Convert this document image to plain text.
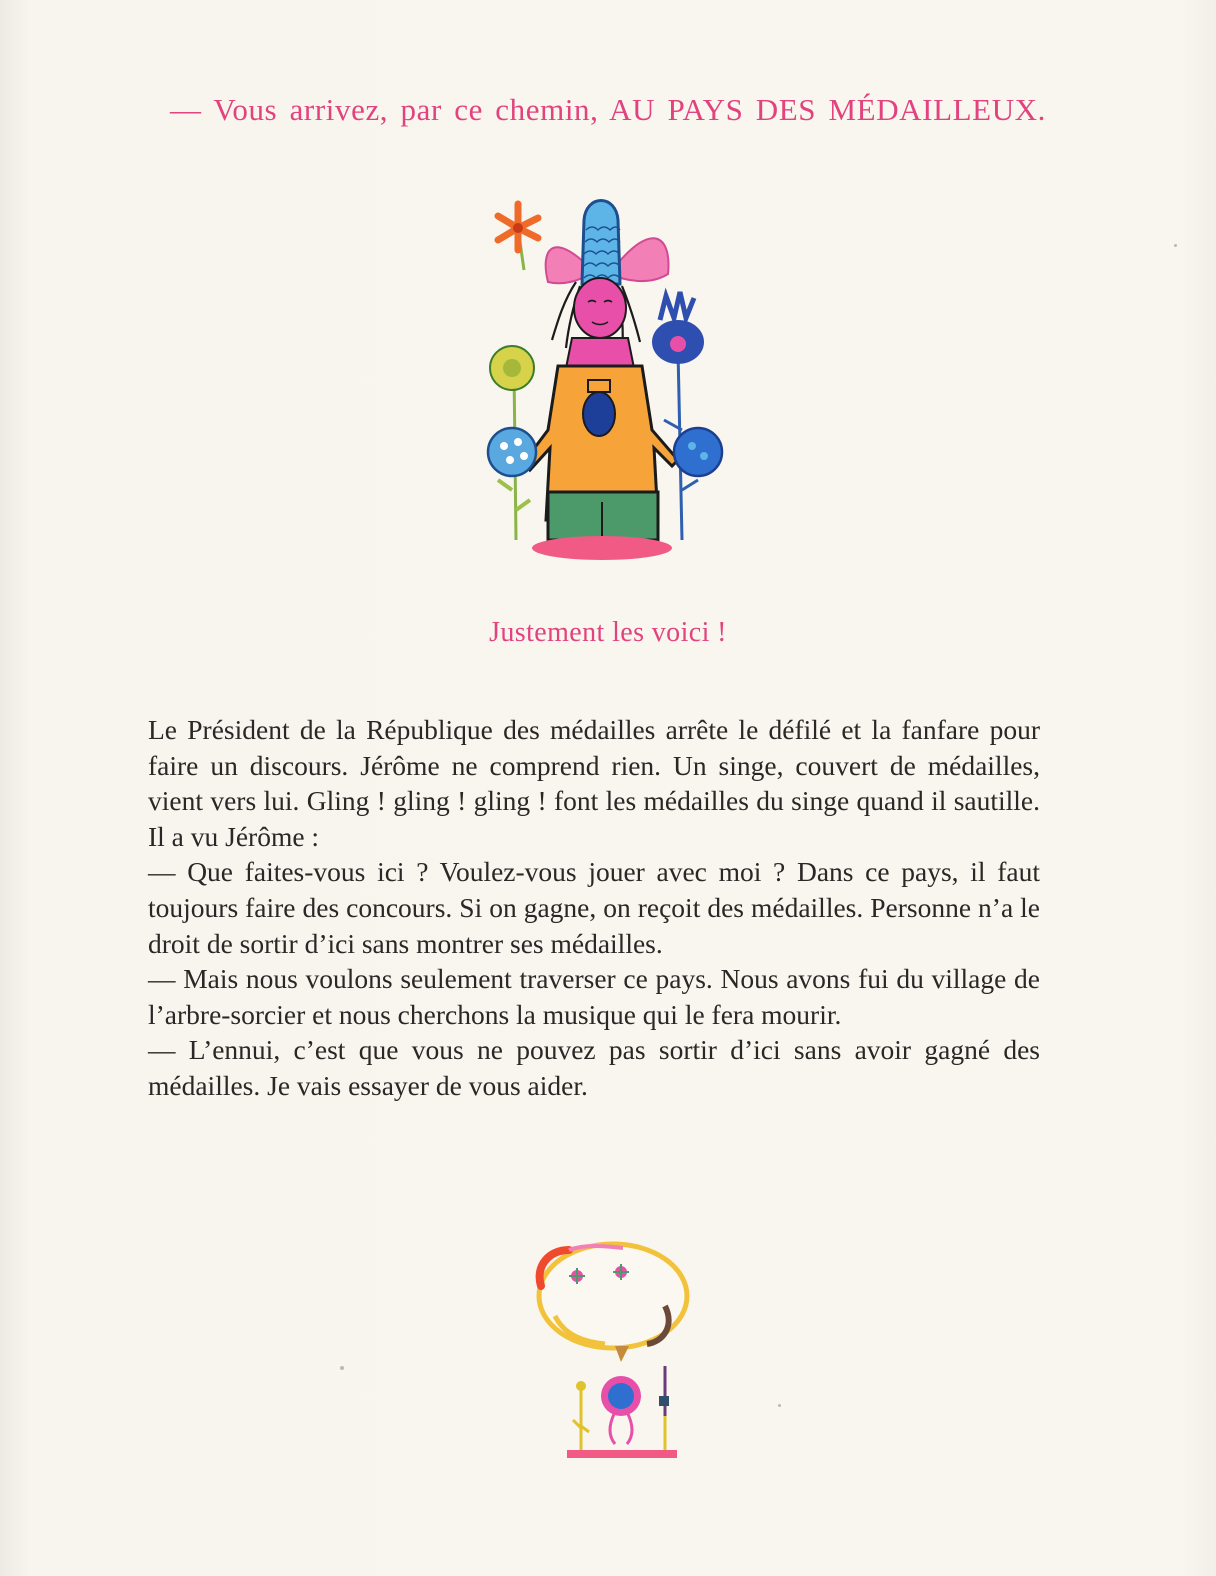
— Vous arrivez, par ce chemin, AU PAYS DES MÉDAILLEUX.
Justement les voici !

Le Président de la République des médailles arrête le défilé et la fanfare pour faire un discours. Jérôme ne comprend rien. Un singe, couvert de médailles, vient vers lui. Gling ! gling ! gling ! font les médailles du singe quand il sautille. Il a vu Jérôme :

— Que faites-vous ici ? Voulez-vous jouer avec moi ? Dans ce pays, il faut toujours faire des concours. Si on gagne, on reçoit des médailles. Personne n’a le droit de sortir d’ici sans montrer ses médailles.

— Mais nous voulons seulement traverser ce pays. Nous avons fui du village de l’arbre-sorcier et nous cherchons la musique qui le fera mourir.

— L’ennui, c’est que vous ne pouvez pas sortir d’ici sans avoir gagné des médailles. Je vais essayer de vous aider.
